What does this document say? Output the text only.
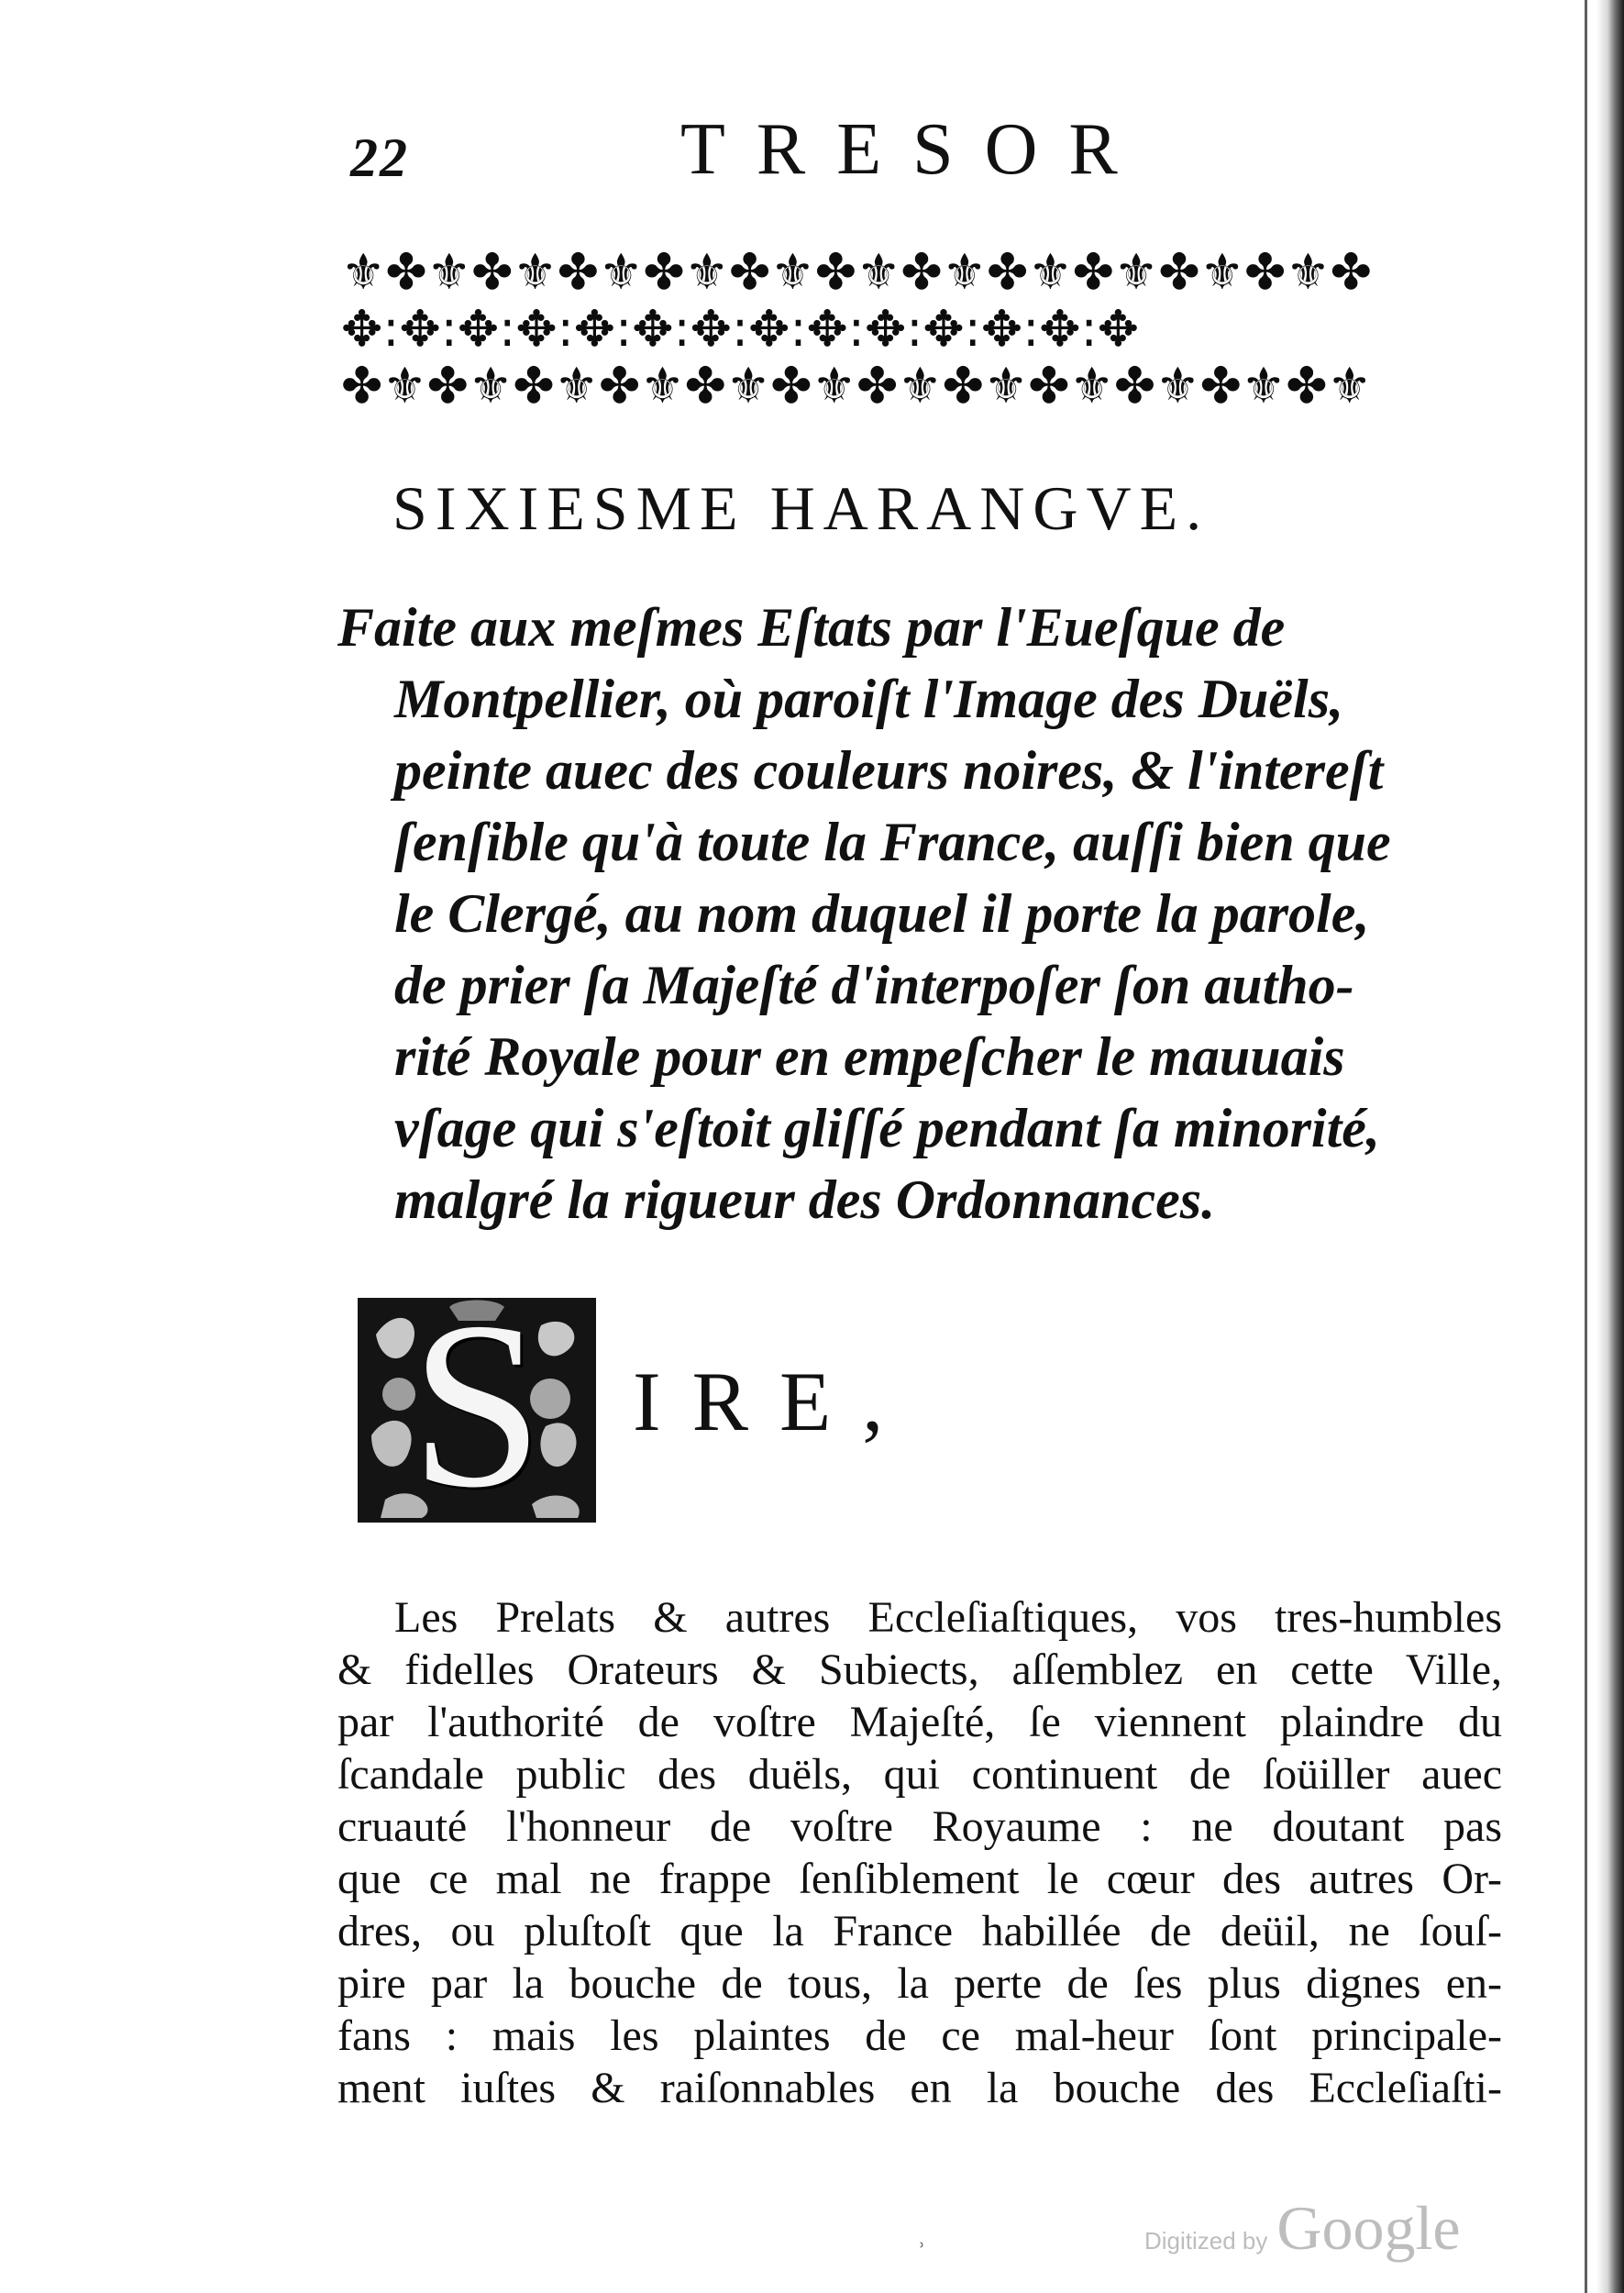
22	TRESOR
⚜✤⚜✤⚜✤⚜✤⚜✤⚜✤⚜✤⚜✤⚜✤⚜✤⚜✤⚜✤
✥:✥:✥:✥:✥:✥:✥:✥:✥:✥:✥:✥:✥:✥
✤⚜✤⚜✤⚜✤⚜✤⚜✤⚜✤⚜✤⚜✤⚜✤⚜✤⚜✤⚜
SIXIESME HARANGVE.
Faite aux meſmes Eſtats par l'Eueſque de
Montpellier, où paroiſt l'Image des Duëls,
peinte auec des couleurs noires, & l'intereſt
ſenſible qu'à toute la France, auſſi bien que
le Clergé, au nom duquel il porte la parole,
de prier ſa Majeſté d'interpoſer ſon autho-
rité Royale pour en empeſcher le mauuais
vſage qui s'eſtoit gliſſé pendant ſa minorité,
malgré la rigueur des Ordonnances.
S IRE,
Les Prelats & autres Eccleſiaſtiques, vos tres-humbles
& fidelles Orateurs & Subiects, aſſemblez en cette Ville,
par l'authorité de voſtre Majeſté, ſe viennent plaindre du
ſcandale public des duëls, qui continuent de ſoüiller auec
cruauté l'honneur de voſtre Royaume : ne doutant pas
que ce mal ne frappe ſenſiblement le cœur des autres Or-
dres, ou pluſtoſt que la France habillée de deüil, ne ſouſ-
pire par la bouche de tous, la perte de ſes plus dignes en-
fans : mais les plaintes de ce mal-heur ſont principale-
ment iuſtes & raiſonnables en la bouche des Eccleſiaſti-
ʾ	Digitized by Google
